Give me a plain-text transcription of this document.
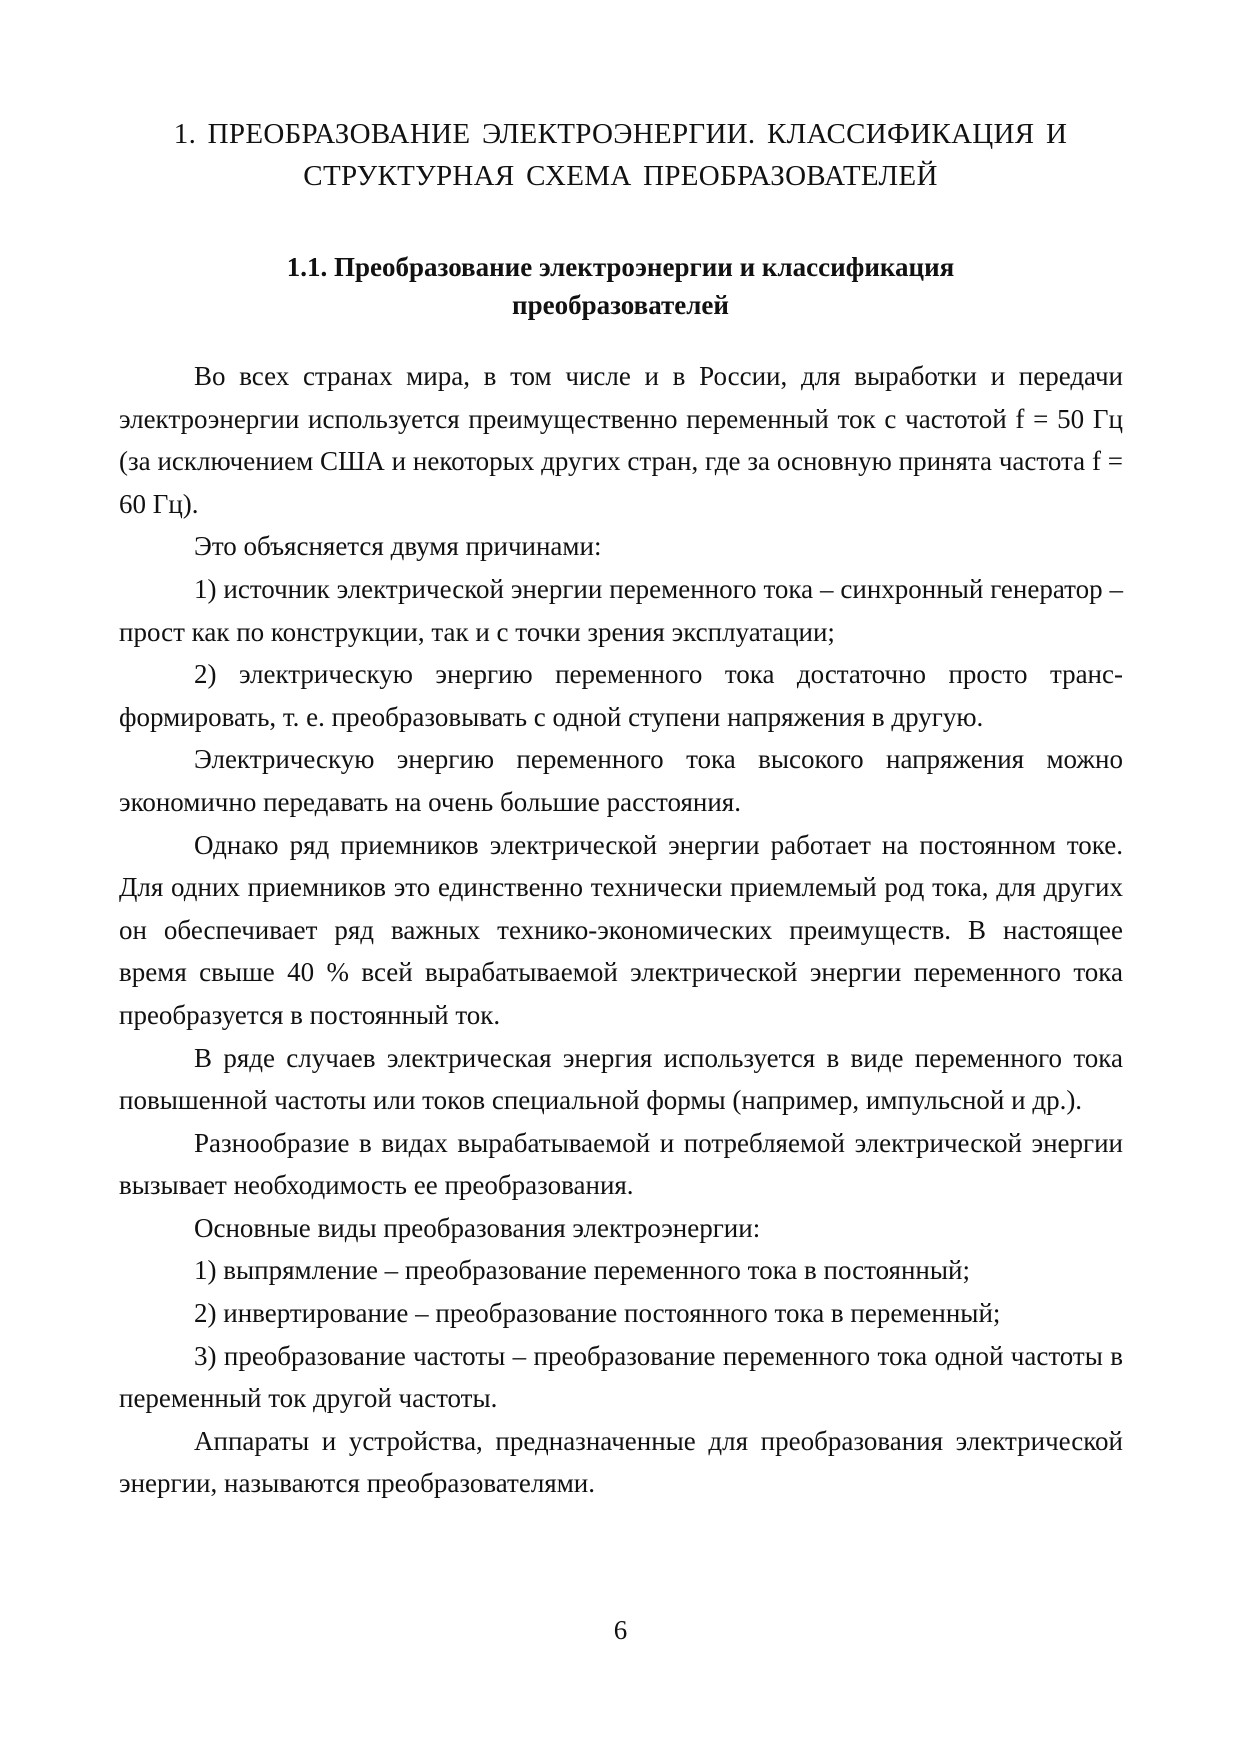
1. ПРЕОБРАЗОВАНИЕ ЭЛЕКТРОЭНЕРГИИ. КЛАССИФИКАЦИЯ И
СТРУКТУРНАЯ СХЕМА ПРЕОБРАЗОВАТЕЛЕЙ
1.1. Преобразование электроэнергии и классификация
преобразователей

Во всех странах мира, в том числе и в России, для выработки и передачи электроэнергии используется преимущественно переменный ток с частотой f = 50 Гц (за исключением США и некоторых других стран, где за основную принята частота f = 60 Гц).

Это объясняется двумя причинами:

1) источник электрической энергии переменного тока – синхронный генератор – прост как по конструкции, так и с точки зрения эксплуатации;

2) электрическую энергию переменного тока достаточно просто трансформировать, т. е. преобразовывать с одной ступени напряжения в другую.

Электрическую энергию переменного тока высокого напряжения можно экономично передавать на очень большие расстояния.

Однако ряд приемников электрической энергии работает на постоянном токе. Для одних приемников это единственно технически приемлемый род тока, для других он обеспечивает ряд важных технико-экономических преимуществ. В настоящее время свыше 40 % всей вырабатываемой электрической энергии переменного тока преобразуется в постоянный ток.

В ряде случаев электрическая энергия используется в виде переменного тока повышенной частоты или токов специальной формы (например, импульсной и др.).

Разнообразие в видах вырабатываемой и потребляемой электрической энергии вызывает необходимость ее преобразования.

Основные виды преобразования электроэнергии:

1) выпрямление – преобразование переменного тока в постоянный;

2) инвертирование – преобразование постоянного тока в переменный;

3) преобразование частоты – преобразование переменного тока одной частоты в переменный ток другой частоты.

Аппараты и устройства, предназначенные для преобразования электрической энергии, называются преобразователями.

6
